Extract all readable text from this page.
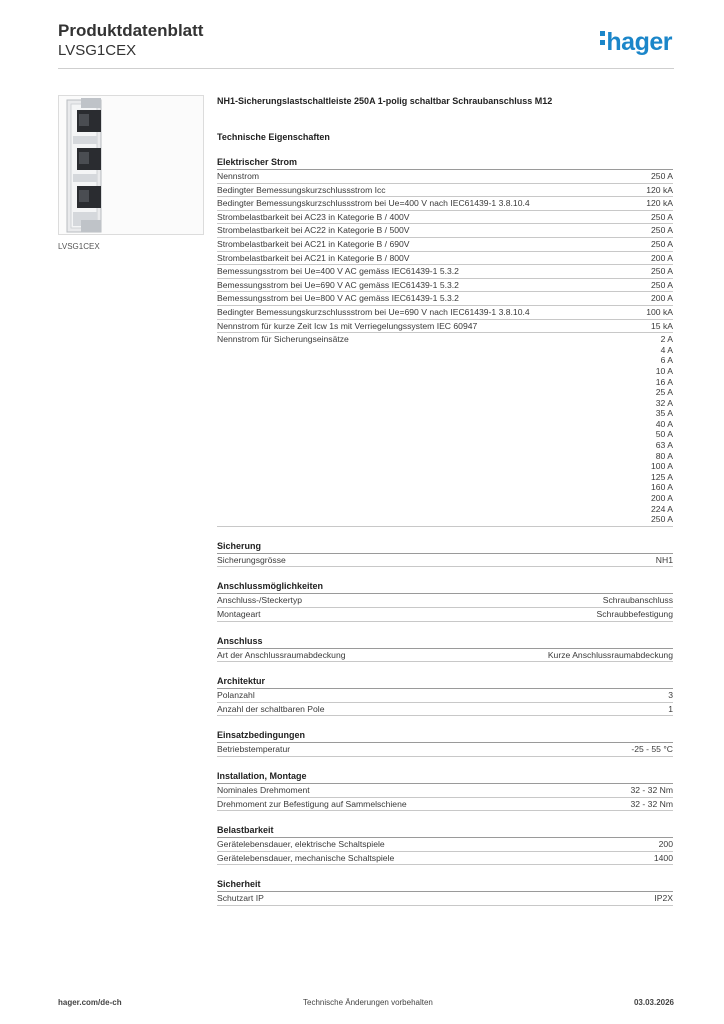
Produktdatenblatt
LVSG1CEX	hager
LVSG1CEX

NH1-Sicherungslastschaltleiste 250A 1-polig schaltbar Schraubanschluss M12

Technische Eigenschaften
Elektrischer Strom
Nennstrom	250 A
Bedingter Bemessungskurzschlussstrom Icc	120 kA
Bedingter Bemessungskurzschlussstrom bei Ue=400 V nach IEC61439-1 3.8.10.4	120 kA
Strombelastbarkeit bei AC23 in Kategorie B / 400V	250 A
Strombelastbarkeit bei AC22 in Kategorie B / 500V	250 A
Strombelastbarkeit bei AC21 in Kategorie B / 690V	250 A
Strombelastbarkeit bei AC21 in Kategorie B / 800V	200 A
Bemessungsstrom bei Ue=400 V AC gemäss IEC61439-1 5.3.2	250 A
Bemessungsstrom bei Ue=690 V AC gemäss IEC61439-1 5.3.2	250 A
Bemessungsstrom bei Ue=800 V AC gemäss IEC61439-1 5.3.2	200 A
Bedingter Bemessungskurzschlussstrom bei Ue=690 V nach IEC61439-1 3.8.10.4	100 kA
Nennstrom für kurze Zeit Icw 1s mit Verriegelungssystem IEC 60947	15 kA
Nennstrom für Sicherungseinsätze	2 A
4 A
6 A
10 A
16 A
25 A
32 A
35 A
40 A
50 A
63 A
80 A
100 A
125 A
160 A
200 A
224 A
250 A
Sicherung
Sicherungsgrösse	NH1
Anschlussmöglichkeiten
Anschluss-/Steckertyp	Schraubanschluss
Montageart	Schraubbefestigung
Anschluss
Art der Anschlussraumabdeckung	Kurze Anschlussraumabdeckung
Architektur
Polanzahl	3
Anzahl der schaltbaren Pole	1
Einsatzbedingungen
Betriebstemperatur	-25 - 55 °C
Installation, Montage
Nominales Drehmoment	32 - 32 Nm
Drehmoment zur Befestigung auf Sammelschiene	32 - 32 Nm
Belastbarkeit
Gerätelebensdauer, elektrische Schaltspiele	200
Gerätelebensdauer, mechanische Schaltspiele	1400
Sicherheit
Schutzart IP	IP2X
hager.com/de-ch	Technische Änderungen vorbehalten	03.03.2026
